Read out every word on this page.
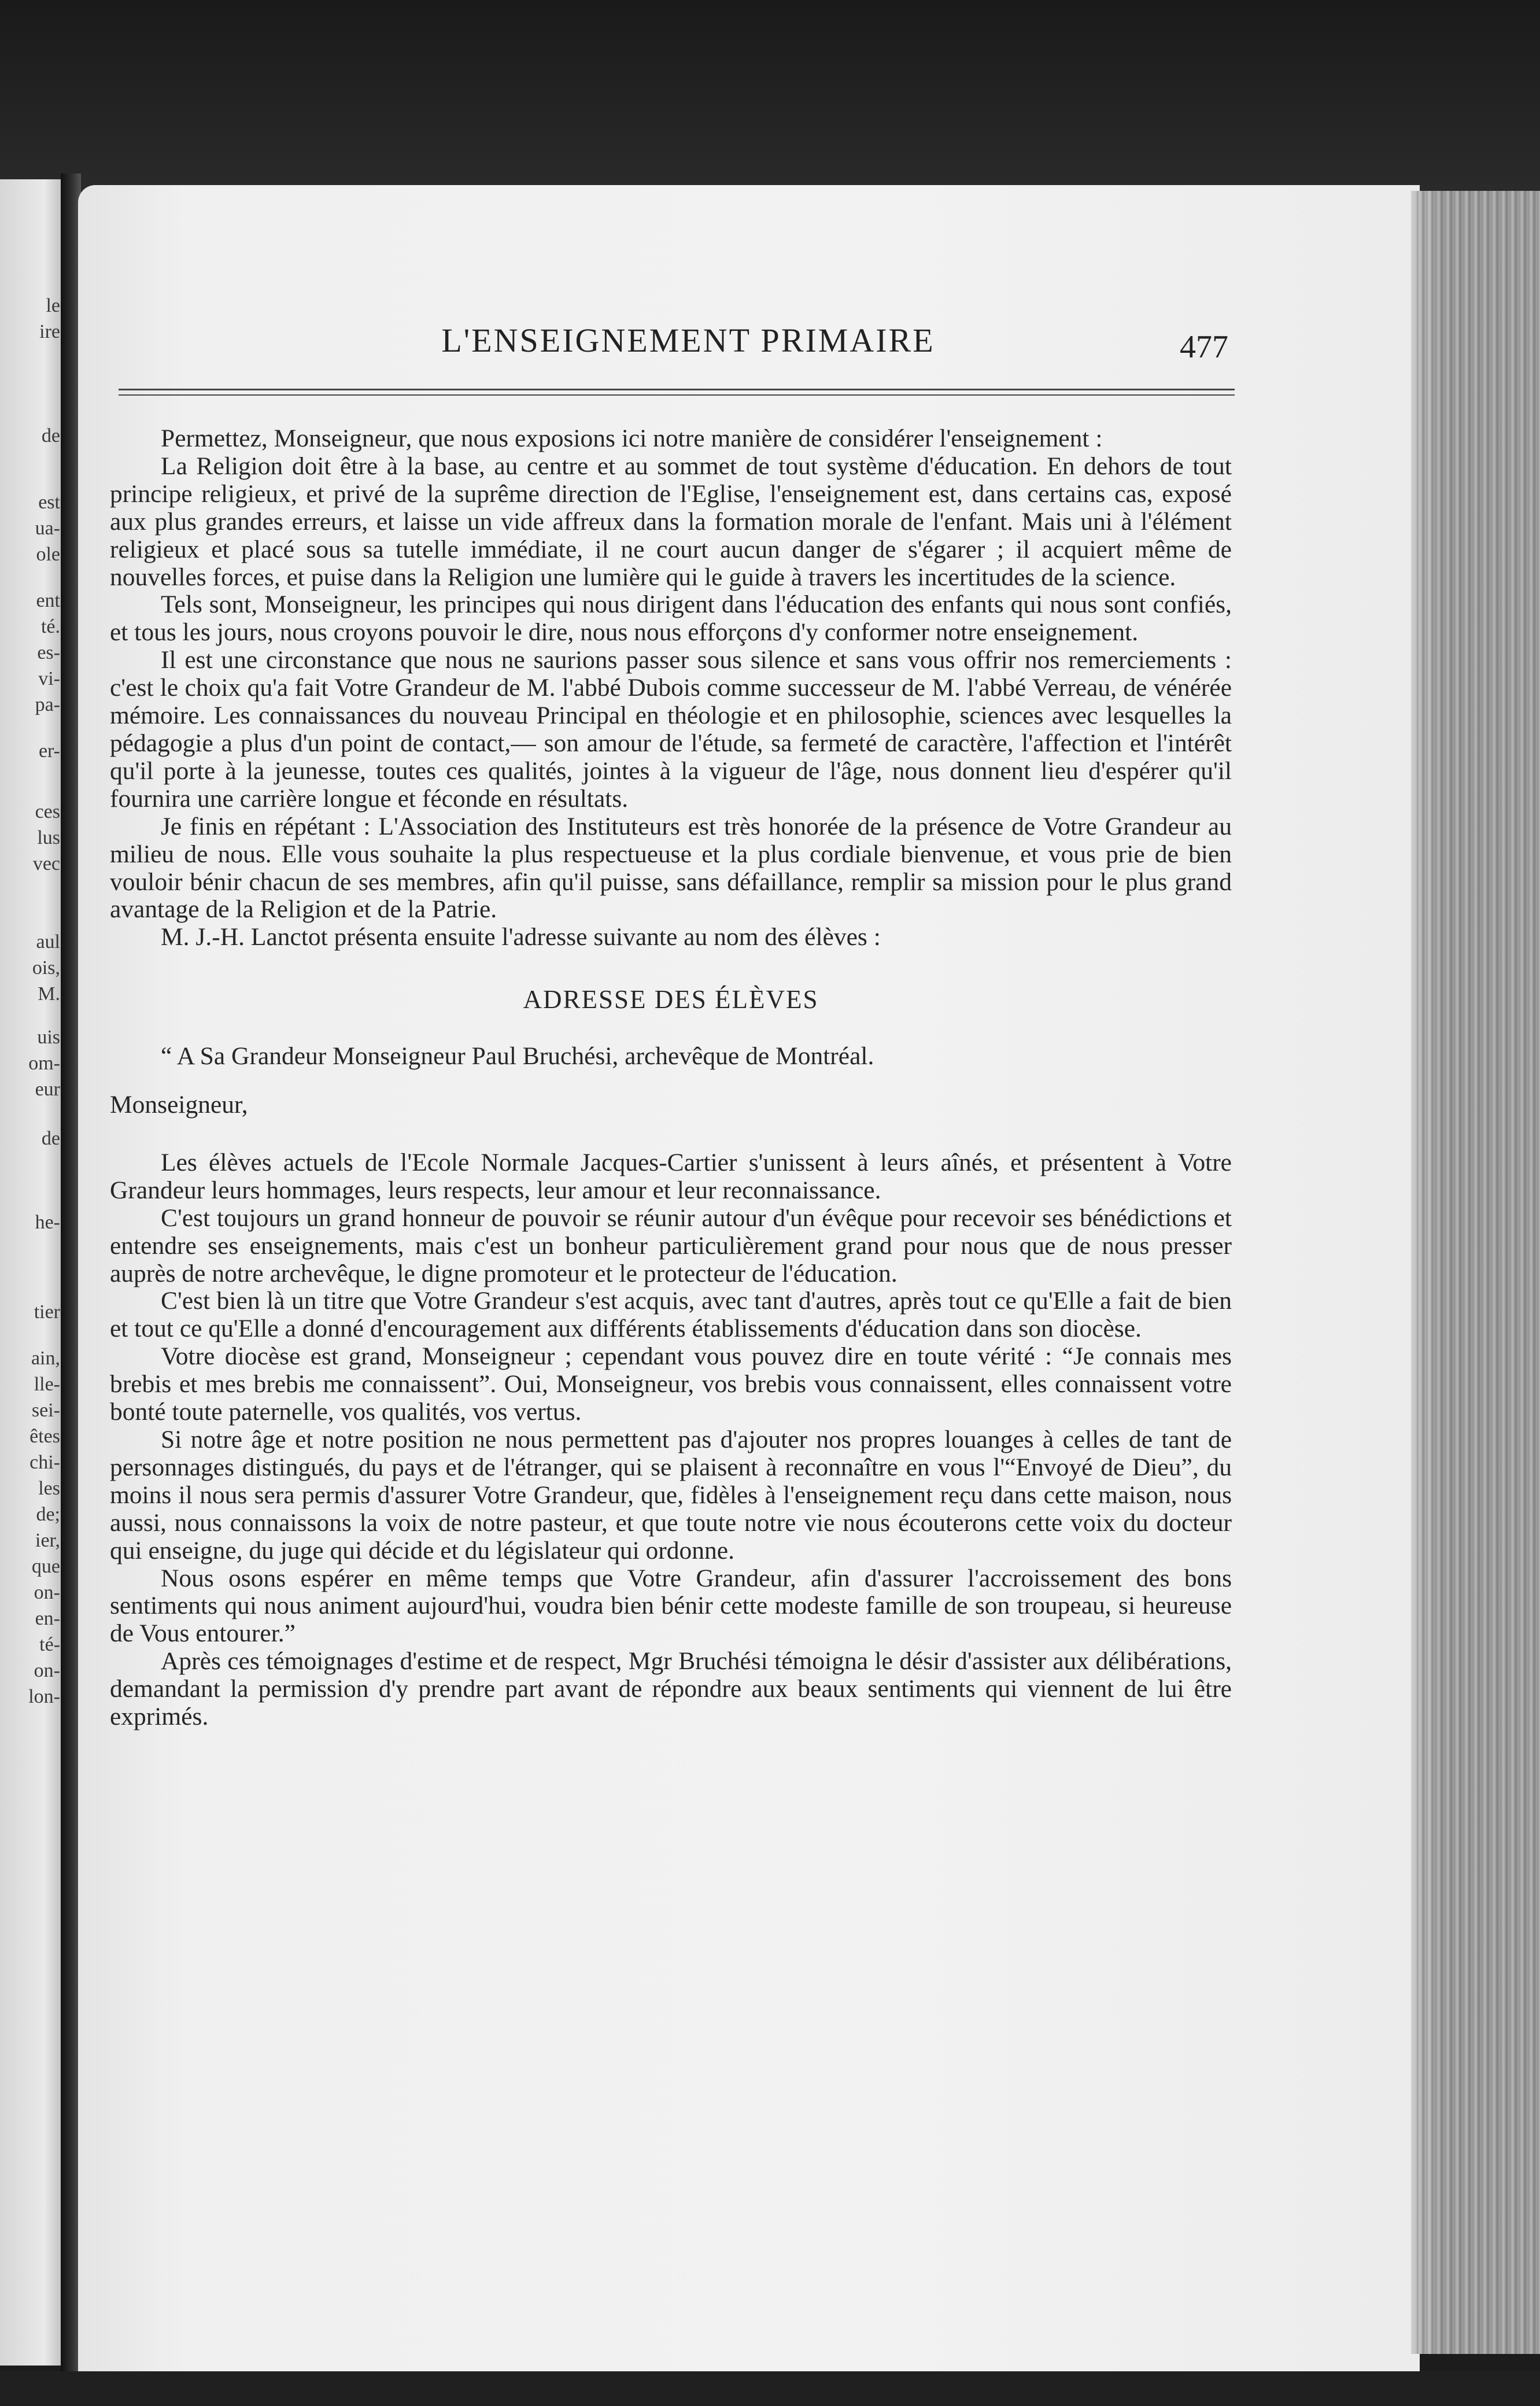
le
ire
de
est
ua-
ole
ent
té.
es-
vi-
pa-
er-
ces
lus
vec
aul
ois,
M.
uis
om-
eur
de
he-
tier
ain,
lle-
sei-
êtes
chi-
les
de;
ier,
que
on-
en-
té-
on-
lon-
L'ENSEIGNEMENT PRIMAIRE	477

Permettez, Monseigneur, que nous exposions ici notre manière de considérer l'enseignement :

La Religion doit être à la base, au centre et au sommet de tout système d'éducation. En dehors de tout principe religieux, et privé de la suprême direction de l'Eglise, l'enseignement est, dans certains cas, exposé aux plus grandes erreurs, et laisse un vide affreux dans la formation morale de l'enfant. Mais uni à l'élément religieux et placé sous sa tutelle immédiate, il ne court aucun danger de s'égarer ; il acquiert même de nouvelles forces, et puise dans la Religion une lumière qui le guide à travers les incertitudes de la science.

Tels sont, Monseigneur, les principes qui nous dirigent dans l'éducation des enfants qui nous sont confiés, et tous les jours, nous croyons pouvoir le dire, nous nous efforçons d'y conformer notre enseignement.

Il est une circonstance que nous ne saurions passer sous silence et sans vous offrir nos remerciements : c'est le choix qu'a fait Votre Grandeur de M. l'abbé Dubois comme successeur de M. l'abbé Verreau, de vénérée mémoire. Les connaissances du nouveau Principal en théologie et en philosophie, sciences avec lesquelles la pédagogie a plus d'un point de contact,— son amour de l'étude, sa fermeté de caractère, l'affection et l'intérêt qu'il porte à la jeunesse, toutes ces qualités, jointes à la vigueur de l'âge, nous donnent lieu d'espérer qu'il fournira une carrière longue et féconde en résultats.

Je finis en répétant : L'Association des Instituteurs est très honorée de la présence de Votre Grandeur au milieu de nous. Elle vous souhaite la plus respectueuse et la plus cordiale bienvenue, et vous prie de bien vouloir bénir chacun de ses membres, afin qu'il puisse, sans défaillance, remplir sa mission pour le plus grand avantage de la Religion et de la Patrie.

M. J.-H. Lanctot présenta ensuite l'adresse suivante au nom des élèves :

ADRESSE DES ÉLÈVES

“ A Sa Grandeur Monseigneur Paul Bruchési, archevêque de Montréal.

Monseigneur,

Les élèves actuels de l'Ecole Normale Jacques-Cartier s'unissent à leurs aînés, et présentent à Votre Grandeur leurs hommages, leurs respects, leur amour et leur reconnaissance.

C'est toujours un grand honneur de pouvoir se réunir autour d'un évêque pour recevoir ses bénédictions et entendre ses enseignements, mais c'est un bonheur particulièrement grand pour nous que de nous presser auprès de notre archevêque, le digne promoteur et le protecteur de l'éducation.

C'est bien là un titre que Votre Grandeur s'est acquis, avec tant d'autres, après tout ce qu'Elle a fait de bien et tout ce qu'Elle a donné d'encouragement aux différents établissements d'éducation dans son diocèse.

Votre diocèse est grand, Monseigneur ; cependant vous pouvez dire en toute vérité : “Je connais mes brebis et mes brebis me connaissent”. Oui, Monseigneur, vos brebis vous connaissent, elles connaissent votre bonté toute paternelle, vos qualités, vos vertus.

Si notre âge et notre position ne nous permettent pas d'ajouter nos propres louanges à celles de tant de personnages distingués, du pays et de l'étranger, qui se plaisent à reconnaître en vous l'“Envoyé de Dieu”, du moins il nous sera permis d'assurer Votre Grandeur, que, fidèles à l'enseignement reçu dans cette maison, nous aussi, nous connaissons la voix de notre pasteur, et que toute notre vie nous écouterons cette voix du docteur qui enseigne, du juge qui décide et du législateur qui ordonne.

Nous osons espérer en même temps que Votre Grandeur, afin d'assurer l'accroissement des bons sentiments qui nous animent aujourd'hui, voudra bien bénir cette modeste famille de son troupeau, si heureuse de Vous entourer.”

Après ces témoignages d'estime et de respect, Mgr Bruchési témoigna le désir d'assister aux délibérations, demandant la permission d'y prendre part avant de répondre aux beaux sentiments qui viennent de lui être exprimés.
